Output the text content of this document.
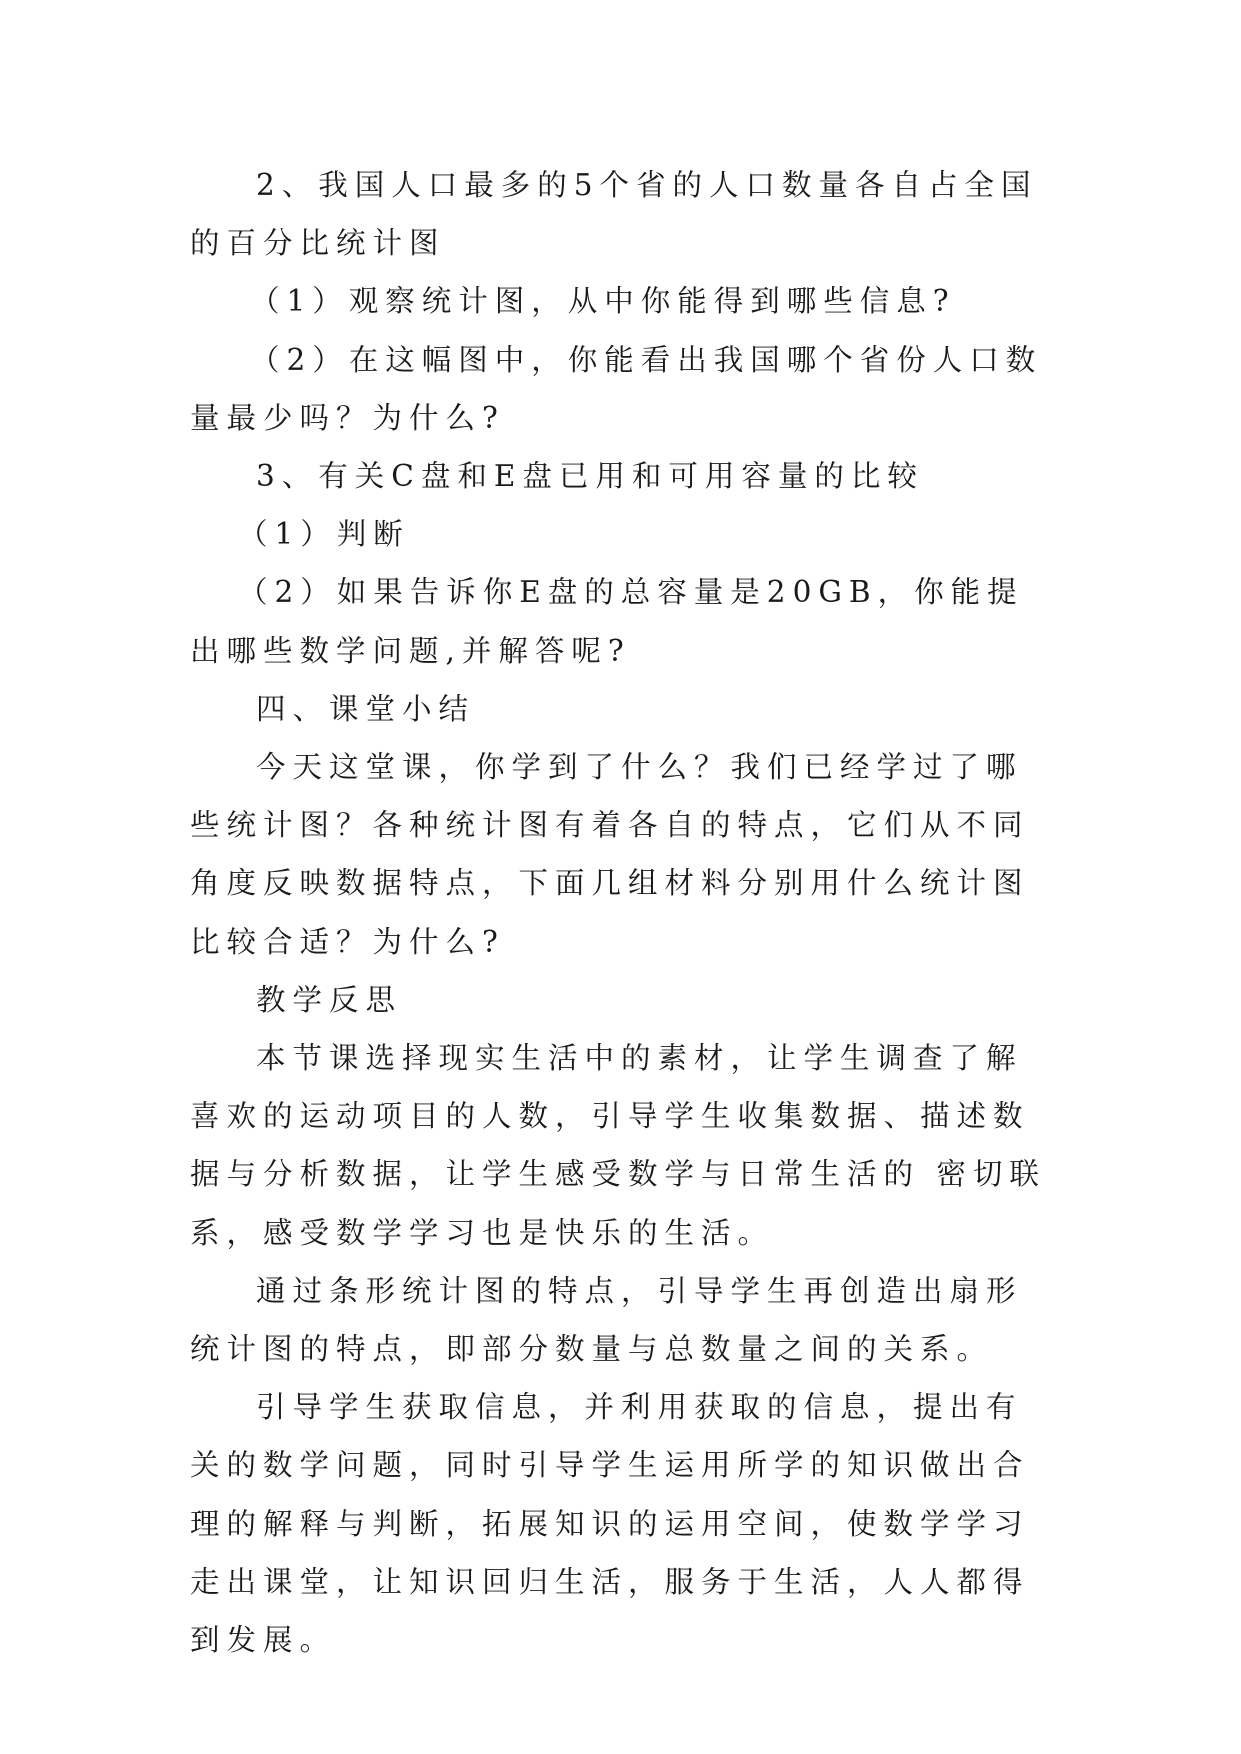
2、我国人口最多的5个省的人口数量各自占全国的百分比统计图

（1）观察统计图，从中你能得到哪些信息?

（2）在这幅图中，你能看出我国哪个省份人口数量最少吗？为什么?

3、有关C盘和E盘已用和可用容量的比较

（1）判断

（2）如果告诉你E盘的总容量是20GB，你能提出哪些数学问题,并解答呢?

四、课堂小结

今天这堂课，你学到了什么？我们已经学过了哪些统计图？各种统计图有着各自的特点，它们从不同角度反映数据特点，下面几组材料分别用什么统计图比较合适？为什么?

教学反思

本节课选择现实生活中的素材，让学生调查了解喜欢的运动项目的人数，引导学生收集数据、描述数据与分析数据，让学生感受数学与日常生活的 密切联系，感受数学学习也是快乐的生活。

通过条形统计图的特点，引导学生再创造出扇形统计图的特点，即部分数量与总数量之间的关系。

引导学生获取信息，并利用获取的信息，提出有关的数学问题，同时引导学生运用所学的知识做出合理的解释与判断，拓展知识的运用空间，使数学学习走出课堂，让知识回归生活，服务于生活，人人都得到发展。
